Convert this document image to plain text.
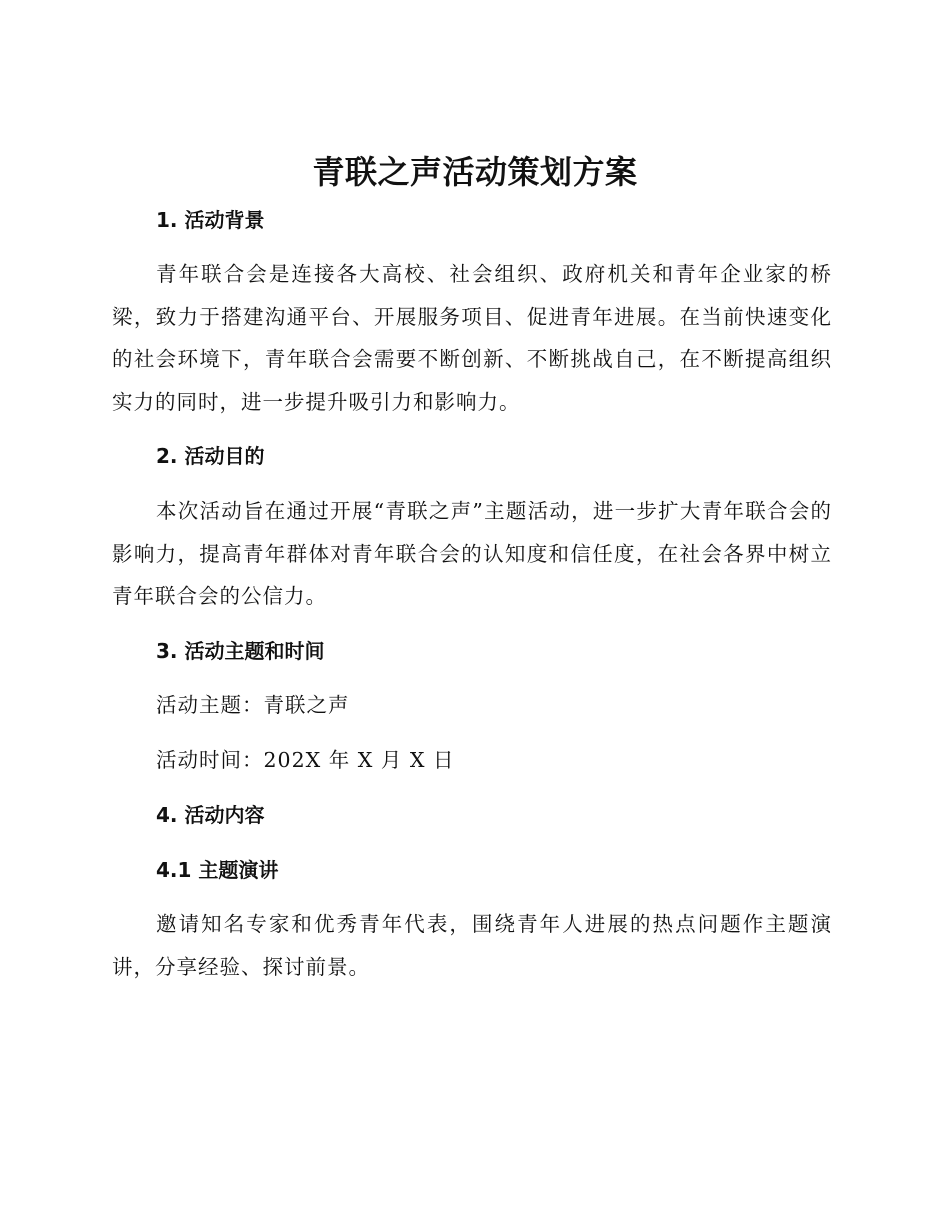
青联之声活动策划方案
1. 活动背景
青年联合会是连接各大高校、社会组织、政府机关和青年企业家的桥梁，致力于搭建沟通平台、开展服务项目、促进青年进展。在当前快速变化的社会环境下，青年联合会需要不断创新、不断挑战自己，在不断提高组织实力的同时，进一步提升吸引力和影响力。
2. 活动目的
本次活动旨在通过开展“青联之声”主题活动，进一步扩大青年联合会的影响力，提高青年群体对青年联合会的认知度和信任度，在社会各界中树立青年联合会的公信力。
3. 活动主题和时间
活动主题：青联之声
活动时间：202X 年 X 月 X 日
4. 活动内容
4.1 主题演讲
邀请知名专家和优秀青年代表，围绕青年人进展的热点问题作主题演讲，分享经验、探讨前景。
